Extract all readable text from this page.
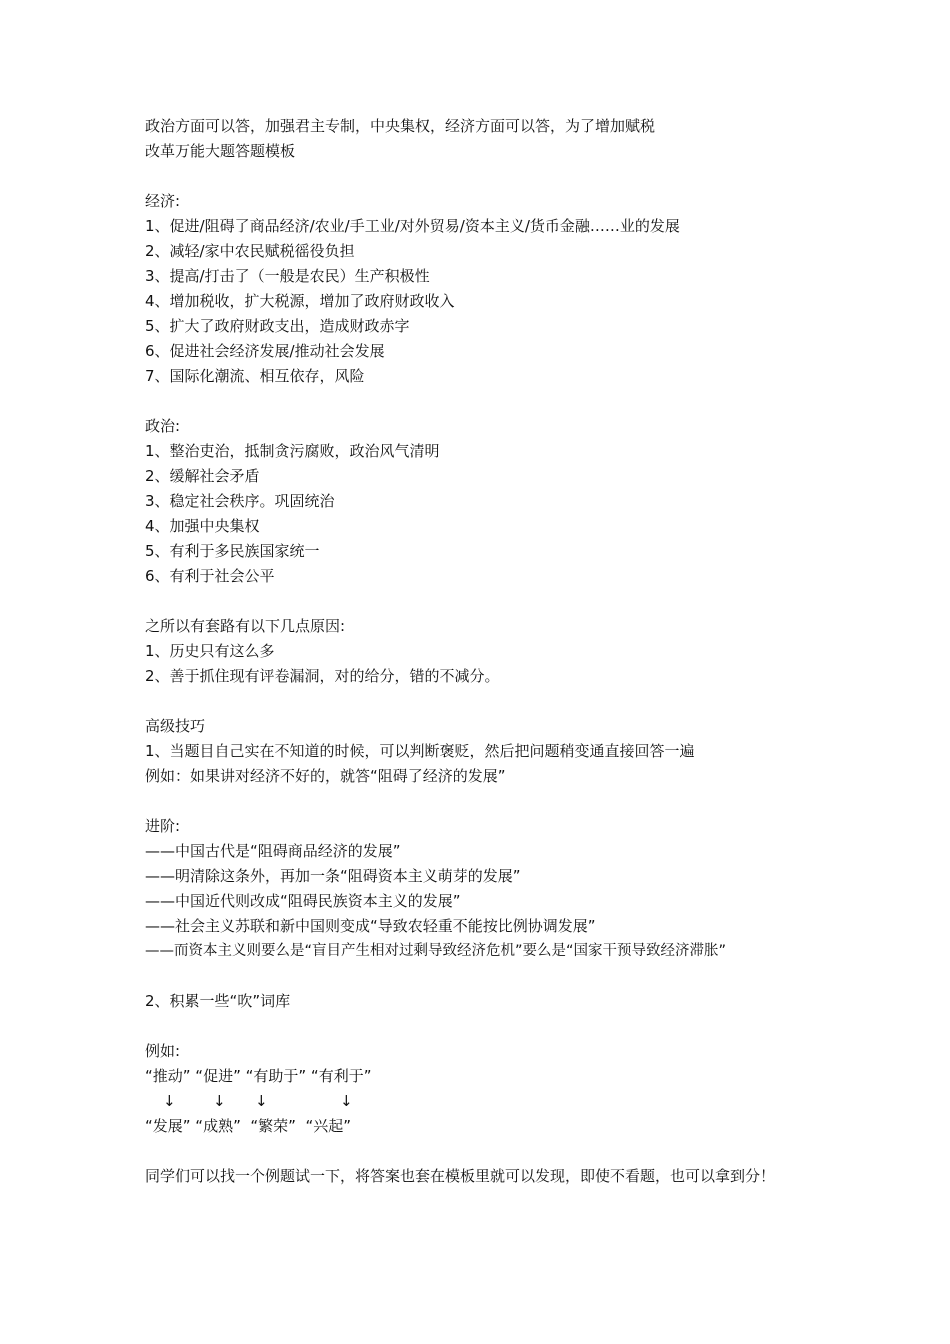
政治方面可以答，加强君主专制，中央集权，经济方面可以答，为了增加赋税
改革万能大题答题模板
经济:
1、促进/阻碍了商品经济/农业/手工业/对外贸易/资本主义/货币金融……业的发展
2、减轻/家中农民赋税徭役负担
3、提高/打击了（一般是农民）生产积极性
4、增加税收，扩大税源，增加了政府财政收入
5、扩大了政府财政支出，造成财政赤字
6、促进社会经济发展/推动社会发展
7、国际化潮流、相互依存，风险
政治:
1、整治吏治，抵制贪污腐败，政治风气清明
2、缓解社会矛盾
3、稳定社会秩序。巩固统治
4、加强中央集权
5、有利于多民族国家统一
6、有利于社会公平
之所以有套路有以下几点原因:
1、历史只有这么多
2、善于抓住现有评卷漏洞，对的给分，错的不减分。
高级技巧
1、当题目自己实在不知道的时候，可以判断褒贬，然后把问题稍变通直接回答一遍
例如：如果讲对经济不好的，就答“阻碍了经济的发展”
进阶:
——中国古代是“阻碍商品经济的发展”
——明清除这条外，再加一条“阻碍资本主义萌芽的发展”
——中国近代则改成“阻碍民族资本主义的发展”
——社会主义苏联和新中国则变成“导致农轻重不能按比例协调发展”
——而资本主义则要么是“盲目产生相对过剩导致经济危机”要么是“国家干预导致经济滞胀”
2、积累一些“吹”词库
例如:
“推动” “促进” “有助于” “有利于”
↓ ↓ ↓	↓
“发展” “成熟”  “繁荣”  “兴起”
同学们可以找一个例题试一下，将答案也套在模板里就可以发现，即使不看题，也可以拿到分！
